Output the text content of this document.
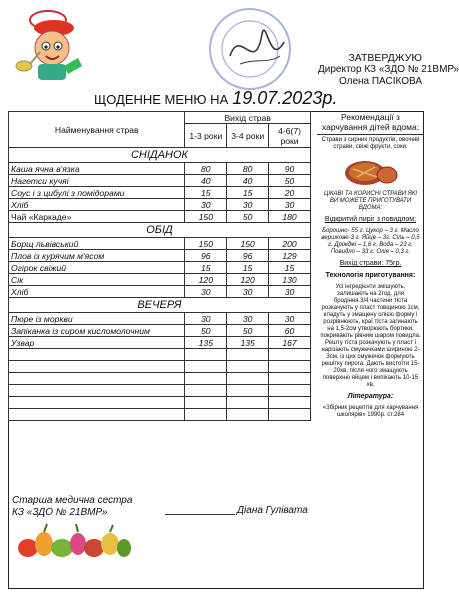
ЗАТВЕРДЖУЮ
Директор КЗ «ЗДО № 21ВМР»
Олена ПАСІКОВА
ЩОДЕННЕ МЕНЮ НА 19.07.2023р.
Найменування страв	Вихід страв		
	1-3 роки	3-4 роки	4-6(7) роки
СНІДАНОК			
Каша ячна в'язка	80	80	90
Нагетси кучяі	40	40	50
Соус і з цибулі з помідорами	15	15	20
Хліб	30	30	30
Чай «Каркаде»	150	50	180
ОБІД			
Борщ львівський	150	150	200
Плов із курячим м'ясом	96	96	129
Огірок свіжий	15	15	15
Сік	120	120	130
Хліб	30	30	30
ВЕЧЕРЯ			
Пюре із моркви	30	30	30
Запіканка із сиром кисломолочним	50	50	60
Узвар	135	135	167

Рекомендації з харчування дітей вдома:
Страви з сирних продуктів, овочеві страви, свіжі фрукти, соки.
ЦІКАВІ ТА КОРИСНІ СТРАВИ ЯКІ ВИ МОЖЕТЕ ПРИГОТУВАТИ ВДОМА:
Відкритий пиріг з повидлом:
Борошно- 55 г. Цукор – 3 г. Масло вершкове-3 г. Яйце – 3г. Сіль – 0,5 г. Дріжджі – 1,6 г. Вода – 23 г. Повидло – 33 г. Олія – 0,3 г.
Вихід страви: 75гр.
Технологія приготування:
Усі інгредієнти змішують, залишають на 2год. для бродіння.3/4 частини тіста розкачують у пласт товщиною 1см, кладуть у змащену олією форму і розрівнюють, краї тіста загинають на 1,5-2см утворюють бортики, покривають рівним шаром повидла. Решту тіста розкачують у пласт і нарізають смужечками шириною 2-3см, із цих смужечок формують решітку пирога. Дають вистоїти 15-20хв, після чого змащують поверхню яйцем і випікають 10-15 хв.
Література:
«Збірник рецептів для харчування школярів» 1990р. ст.284
Старша медична сестра
КЗ «ЗДО № 21ВМР»	Діана Гулівата
